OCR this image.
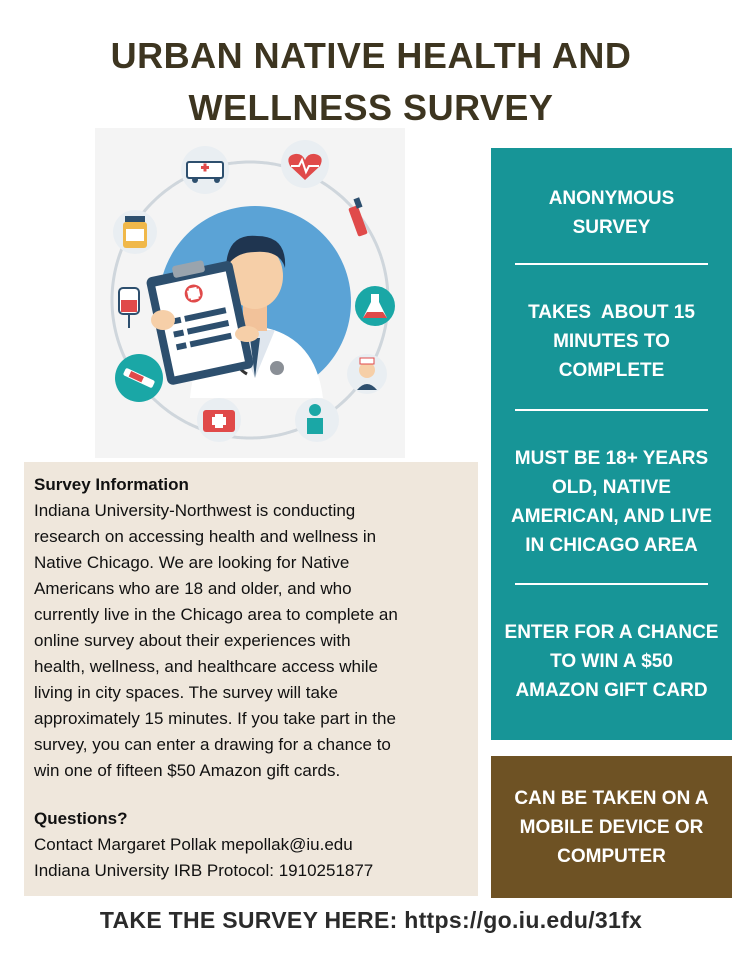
URBAN NATIVE HEALTH AND
WELLNESS SURVEY
Survey Information
Indiana University-Northwest is conducting
research on accessing health and wellness in
Native Chicago. We are looking for Native
Americans who are 18 and older, and who
currently live in the Chicago area to complete an
online survey about their experiences with
health, wellness, and healthcare access while
living in city spaces. The survey will take
approximately 15 minutes. If you take part in the
survey, you can enter a drawing for a chance to
win one of fifteen $50 Amazon gift cards.
Questions?
Contact Margaret Pollak mepollak@iu.edu
Indiana University IRB Protocol: 1910251877
ANONYMOUS
SURVEY
TAKES  ABOUT 15
MINUTES TO
COMPLETE
MUST BE 18+ YEARS
OLD, NATIVE
AMERICAN, AND LIVE
IN CHICAGO AREA
ENTER FOR A CHANCE
TO WIN A $50
AMAZON GIFT CARD
CAN BE TAKEN ON A
MOBILE DEVICE OR
COMPUTER
TAKE THE SURVEY HERE: https://go.iu.edu/31fx
